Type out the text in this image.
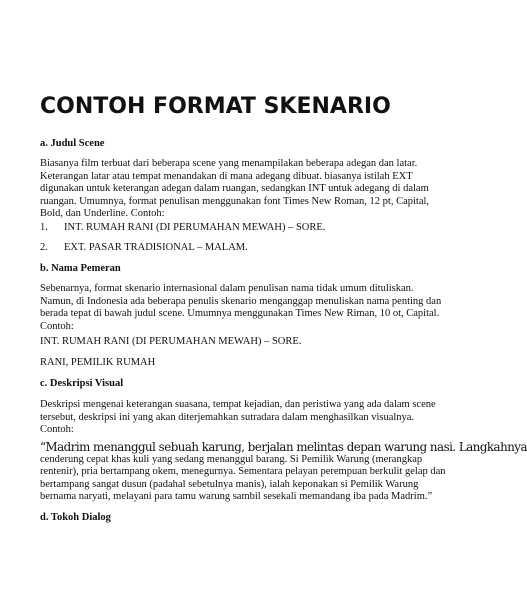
CONTOH FORMAT SKENARIO
a. Judul Scene
Biasanya film terbuat dari beberapa scene yang menampilakan beberapa adegan dan latar.
Keterangan latar atau tempat menandakan di mana adegang dibuat. biasanya istilah EXT
digunakan untuk keterangan adegan dalam ruangan, sedangkan INT untuk adegang di dalam
ruangan. Umumnya, format penulisan menggunakan font Times New Roman, 12 pt, Capital,
Bold, dan Underline. Contoh:
1. INT. RUMAH RANI (DI PERUMAHAN MEWAH) – SORE.
2. EXT. PASAR TRADISIONAL – MALAM.
b. Nama Pemeran
Sebenarnya, format skenario internasional dalam penulisan nama tidak umum dituliskan.
Namun, di Indonesia ada beberapa penulis skenario menganggap menuliskan nama penting dan
berada tepat di bawah judul scene. Umumnya menggunakan Times New Riman, 10 ot, Capital.
Contoh:
INT. RUMAH RANI (DI PERUMAHAN MEWAH) – SORE.
RANI, PEMILIK RUMAH
c. Deskripsi Visual
Deskripsi mengenai keterangan suasana, tempat kejadian, dan peristiwa yang ada dalam scene
tersebut, deskripsi ini yang akan diterjemahkan sutradara dalam menghasilkan visualnya.
Contoh:
“Madrim menanggul sebuah karung, berjalan melintas depan warung nasi. Langkahnya
cenderung cepat khas kuli yang sedang menanggul barang. Si Pemilik Warung (merangkap
rentenir), pria bertampang okem, menegurnya. Sementara pelayan perempuan berkulit gelap dan
bertampang sangat dusun (padahal sebetulnya manis), ialah keponakan si Pemilik Warung
bernama naryati, melayani para tamu warung sambil sesekali memandang iba pada Madrim.”
d. Tokoh Dialog
